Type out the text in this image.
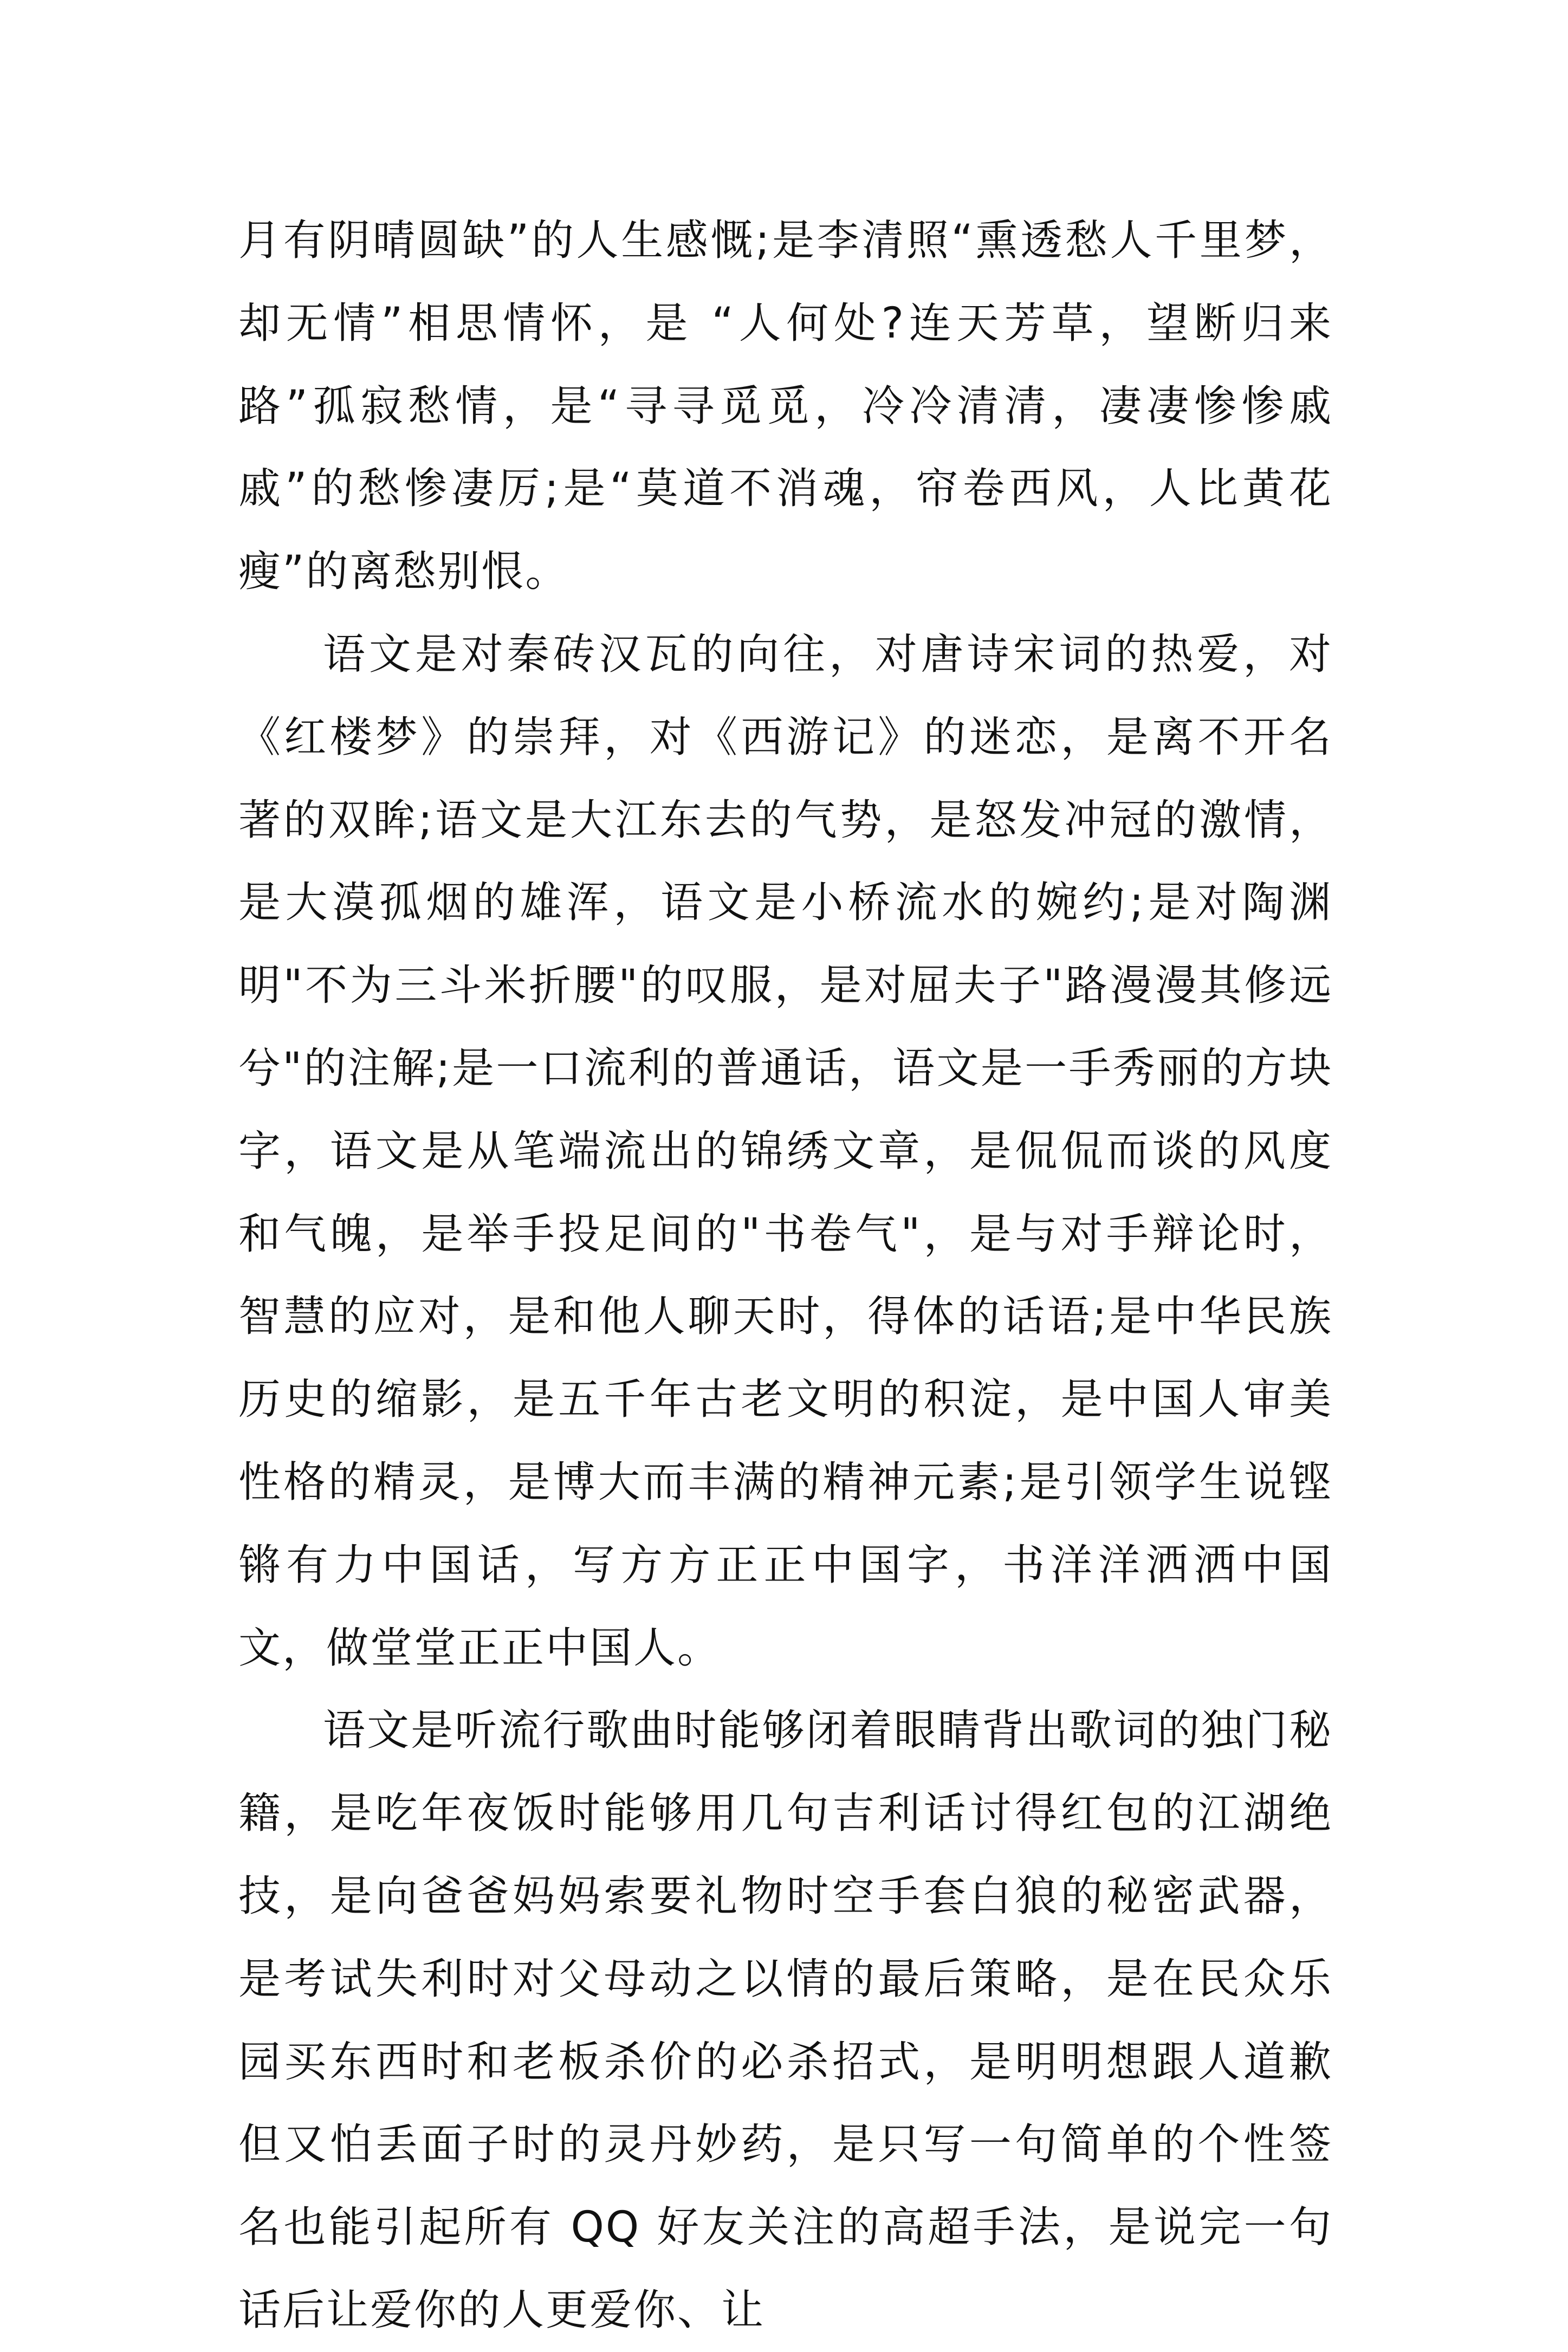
月有阴晴圆缺”的人生感慨;是李清照“熏透愁人千里梦，却无情”相思情怀，是 “人何处?连天芳草，望断归来路”孤寂愁情，是“寻寻觅觅，冷冷清清，凄凄惨惨戚戚”的愁惨凄厉;是“莫道不消魂，帘卷西风，人比黄花瘦”的离愁别恨。

语文是对秦砖汉瓦的向往，对唐诗宋词的热爱，对《红楼梦》的崇拜，对《西游记》的迷恋，是离不开名著的双眸;语文是大江东去的气势，是怒发冲冠的激情，是大漠孤烟的雄浑，语文是小桥流水的婉约;是对陶渊明"不为三斗米折腰"的叹服，是对屈夫子"路漫漫其修远兮"的注解;是一口流利的普通话，语文是一手秀丽的方块字，语文是从笔端流出的锦绣文章，是侃侃而谈的风度和气魄，是举手投足间的"书卷气"，是与对手辩论时，智慧的应对，是和他人聊天时，得体的话语;是中华民族历史的缩影，是五千年古老文明的积淀，是中国人审美性格的精灵，是博大而丰满的精神元素;是引领学生说铿锵有力中国话，写方方正正中国字，书洋洋洒洒中国文，做堂堂正正中国人。

语文是听流行歌曲时能够闭着眼睛背出歌词的独门秘籍，是吃年夜饭时能够用几句吉利话讨得红包的江湖绝技，是向爸爸妈妈索要礼物时空手套白狼的秘密武器，是考试失利时对父母动之以情的最后策略，是在民众乐园买东西时和老板杀价的必杀招式，是明明想跟人道歉但又怕丢面子时的灵丹妙药，是只写一句简单的个性签名也能引起所有 QQ 好友关注的高超手法，是说完一句话后让爱你的人更爱你、让
